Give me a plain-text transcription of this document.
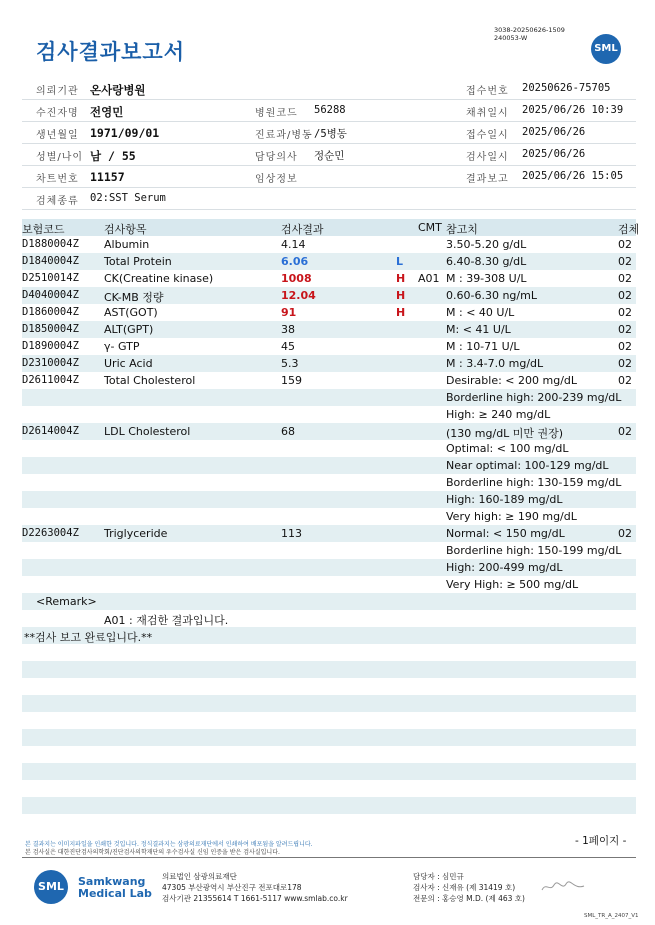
검사결과보고서
3038-20250626-1509
240053-W
SML
의뢰기관 온사랑병원	접수번호 20250626-75705
수진자명 전영민	병원코드 56288	채취일시 2025/06/26 10:39
생년월일 1971/09/01	진료과/병동 /5병동	접수일시 2025/06/26
성별/나이 남 / 55	담당의사 정순민	검사일시 2025/06/26
차트번호 11157	임상정보	결과보고 2025/06/26 15:05
검체종류 02:SST Serum
보험코드	검사항목	검사결과	CMT 참고치	검체
D1880004Z Albumin	4.14	3.50-5.20 g/dL	02
D1840004Z Total Protein	6.06	L	6.40-8.30 g/dL	02
D2510014Z CK(Creatine kinase)	1008	H A01 M : 39-308 U/L	02
D4040004Z CK-MB 정량	12.04	H	0.60-6.30 ng/mL	02
D1860004Z AST(GOT)	91	H	M : < 40 U/L	02
D1850004Z ALT(GPT)	38	M: < 41 U/L	02
D1890004Z γ- GTP	45	M : 10-71 U/L	02
D2310004Z Uric Acid	5.3	M : 3.4-7.0 mg/dL	02
D2611004Z Total Cholesterol	159	Desirable: < 200 mg/dL	02
Borderline high: 200-239 mg/dL
High: ≥ 240 mg/dL
D2614004Z LDL Cholesterol	68	(130 mg/dL 미만 권장)	02
Optimal: < 100 mg/dL
Near optimal: 100-129 mg/dL
Borderline high: 130-159 mg/dL
High: 160-189 mg/dL
Very high: ≥ 190 mg/dL
D2263004Z Triglyceride	113	Normal: < 150 mg/dL	02
Borderline high: 150-199 mg/dL
High: 200-499 mg/dL
Very High: ≥ 500 mg/dL
<Remark>
A01 : 재검한 결과입니다.
**검사 보고 완료입니다.**
본 결과지는 이미지파일을 인쇄한 것입니다. 정식결과지는 삼광의료재단에서 인쇄하여 배포됨을 알려드립니다.
본 검사실은 대한진단검사의학회/진단검사의학재단의 우수검사실 신임 인증을 받은 검사실입니다.
- 1페이지 -
SML	Samkwang
Medical Lab
의료법인 삼광의료재단
47305 부산광역시 부산진구 전포대로178
검사기관 21355614 T 1661-5117 www.smlab.co.kr
담당자 : 심민규
검사자 : 신재유 (제 31419 호)
전문의 : 홍승영 M.D. (제 463 호)
SML_TR_A_2407_V1
